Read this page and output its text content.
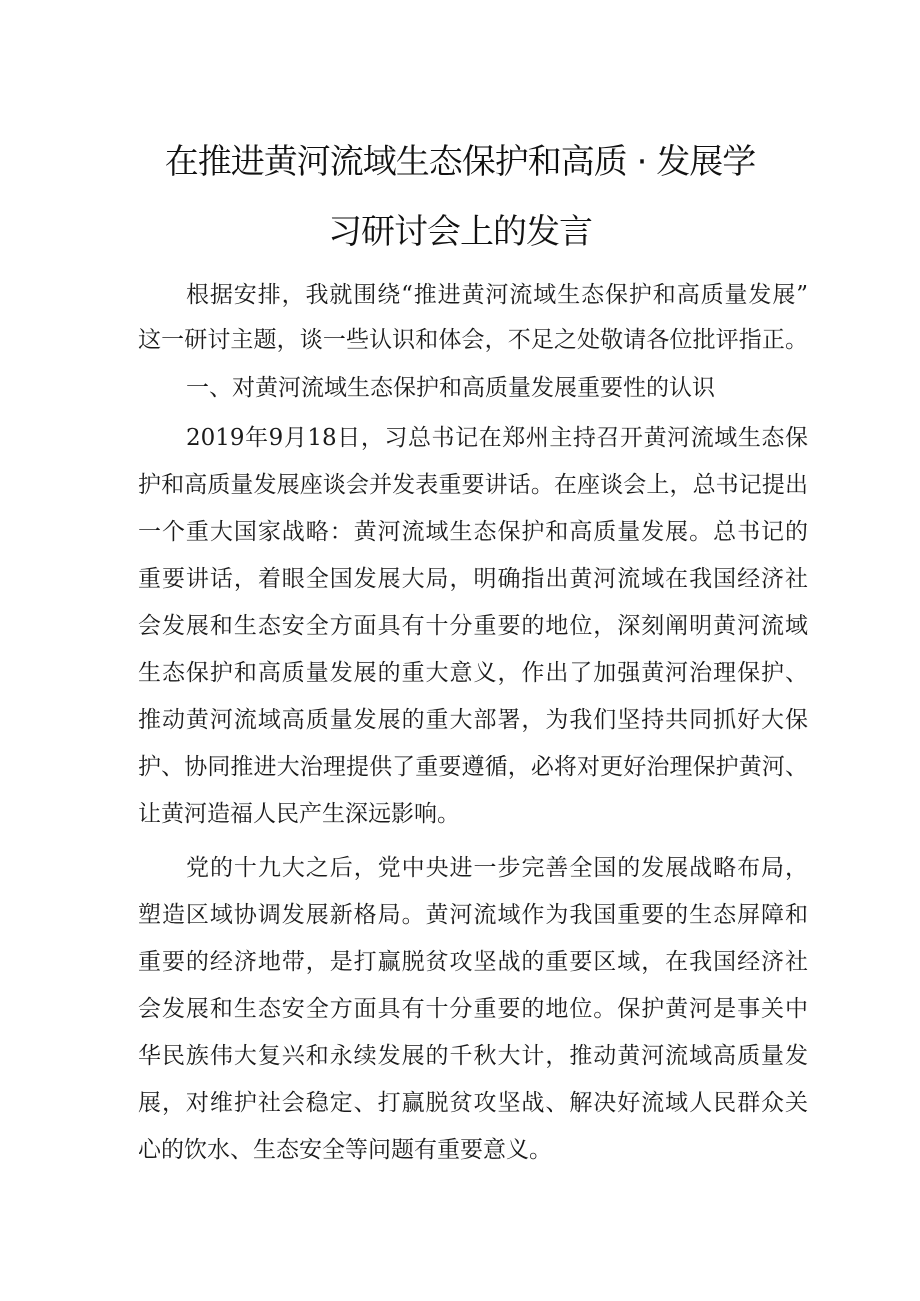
在推进黄河流域生态保护和高质 · 发展学
习研讨会上的发言
根据安排，我就围绕“推进黄河流域生态保护和高质量发展”
这一研讨主题，谈一些认识和体会，不足之处敬请各位批评指正。
一、对黄河流域生态保护和高质量发展重要性的认识
2019年9月18日，习总书记在郑州主持召开黄河流域生态保
护和高质量发展座谈会并发表重要讲话。在座谈会上，总书记提出
一个重大国家战略：黄河流域生态保护和高质量发展。总书记的
重要讲话，着眼全国发展大局，明确指出黄河流域在我国经济社
会发展和生态安全方面具有十分重要的地位，深刻阐明黄河流域
生态保护和高质量发展的重大意义，作出了加强黄河治理保护、
推动黄河流域高质量发展的重大部署，为我们坚持共同抓好大保
护、协同推进大治理提供了重要遵循，必将对更好治理保护黄河、
让黄河造福人民产生深远影响。
党的十九大之后，党中央进一步完善全国的发展战略布局，
塑造区域协调发展新格局。黄河流域作为我国重要的生态屏障和
重要的经济地带，是打赢脱贫攻坚战的重要区域，在我国经济社
会发展和生态安全方面具有十分重要的地位。保护黄河是事关中
华民族伟大复兴和永续发展的千秋大计，推动黄河流域高质量发
展，对维护社会稳定、打赢脱贫攻坚战、解决好流域人民群众关
心的饮水、生态安全等问题有重要意义。
